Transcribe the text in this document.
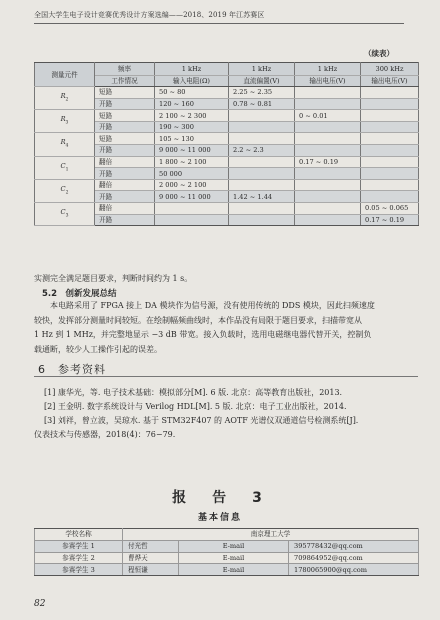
全国大学生电子设计竞赛优秀设计方案选编——2018、2019 年江苏赛区
（续表）
测量元件	频率	1 kHz	1 kHz	1 kHz	300 kHz
	工作情况	输入电阻(Ω)	直流偏置(V)	输出电压(V)	输出电压(V)
$R_2$	短路	50 ~ 80	2.25 ~ 2.35		
	开路	120 ~ 160	0.78 ~ 0.81		
$R_3$	短路	2 100 ~ 2 300		0 ~ 0.01	
	开路	190 ~ 300			
$R_4$	短路	105 ~ 130			
	开路	9 000 ~ 11 000	2.2 ~ 2.3		
$C_1$	翻倍	1 800 ~ 2 100		0.17 ~ 0.19	
	开路	50 000			
$C_2$	翻倍	2 000 ~ 2 100			
	开路	9 000 ~ 11 000	1.42 ~ 1.44		
$C_3$	翻倍				0.05 ~ 0.065
	开路				0.17 ~ 0.19
实测完全满足题目要求，判断时间约为 1 s。
5.2　创新发展总结
本电路采用了 FPGA 接上 DA 模块作为信号源，没有使用传统的 DDS 模块，因此扫频速度
较快，发挥部分测量时间较短。在绘制幅频曲线时，本作品没有局限于题目要求，扫描带宽从
1 Hz 到 1 MHz，并完整地显示 −3 dB 带宽。接入负载时，选用电磁继电器代替开关，控制负
载通断，较少人工操作引起的误差。
6　参考资料
[1] 康华光，等. 电子技术基础：模拟部分[M]. 6 版. 北京：高等教育出版社，2013.
[2] 王金明. 数字系统设计与 Verilog HDL[M]. 5 版. 北京：电子工业出版社，2014.
[3] 刘祥，曾立波，吴琼水. 基于 STM32F407 的 AOTF 光谱仪双通道信号检测系统[J].
仪表技术与传感器，2018(4)：76−79.
报　告　3
基本信息
学校名称	南京理工大学		
参赛学生 1	付光哲	E-mail	395778432@qq.com
参赛学生 2	曹烨天	E-mail	709864952@qq.com
参赛学生 3	程恒谦	E-mail	1780065900@qq.com
82
